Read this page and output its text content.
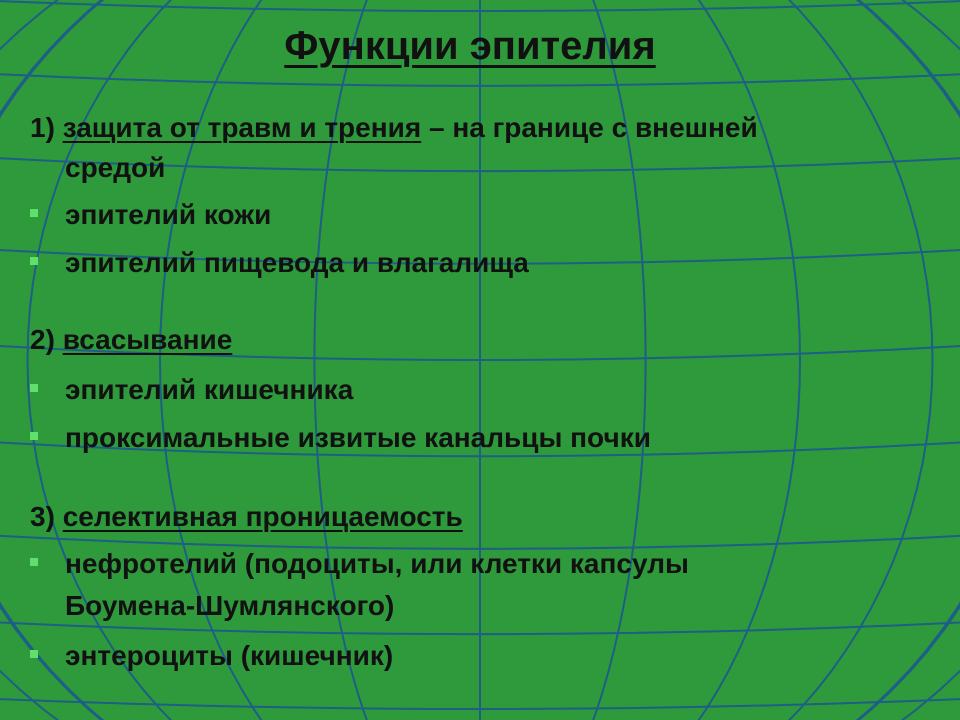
Функции эпителия
1) защита от травм и трения – на границе с внешней
средой
эпителий кожи
эпителий пищевода и влагалища
2) всасывание
эпителий кишечника
проксимальные извитые канальцы почки
3) селективная проницаемость
нефротелий (подоциты, или клетки капсулы
Боумена-Шумлянского)
энтероциты (кишечник)
